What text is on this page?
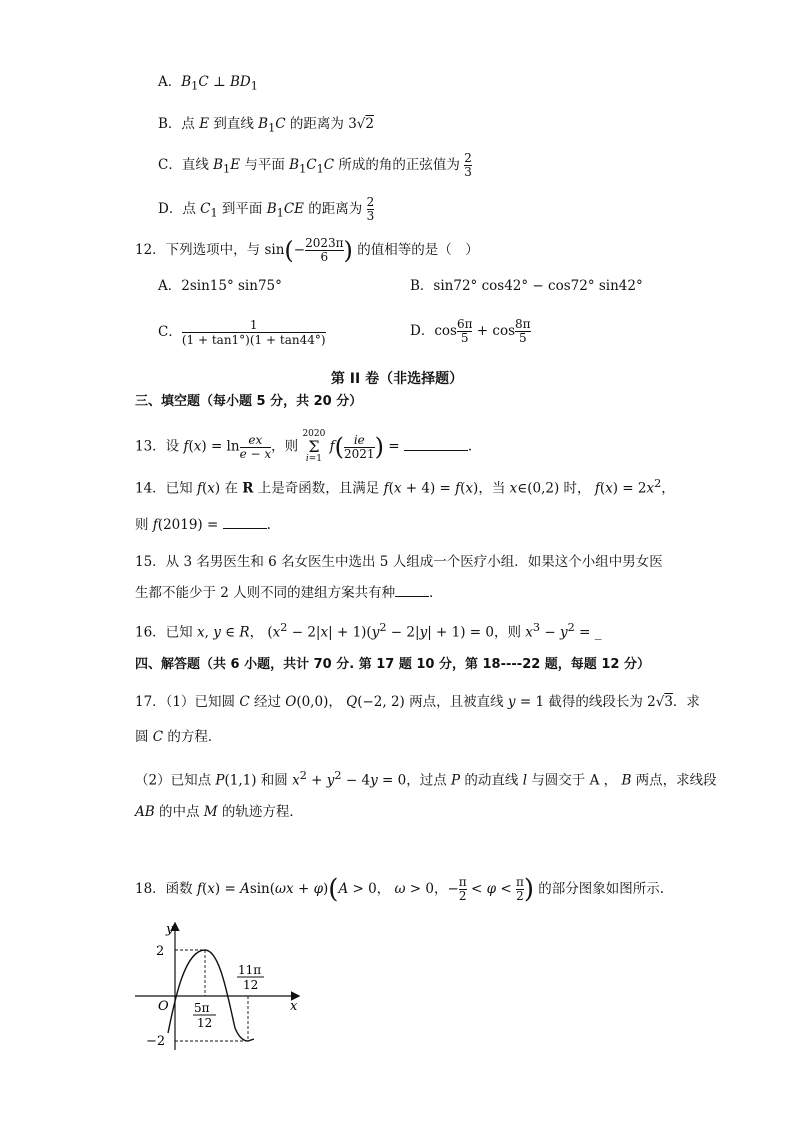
A．$B_1C$ ⊥ $BD_1$
B．点 E 到直线 $B_1C$ 的距离为 3√2
C．直线 $B_1E$ 与平面 $B_1C_1C$ 所成的角的正弦值为 $\frac{2}{3}$
D．点 $C_1$ 到平面 $B_1CE$ 的距离为 $\frac{2}{3}$
12．下列选项中，与 $\sin(- \frac{2023\pi}{6}$ ) 的值相等的是（　）
A．2sin15° sin75°	B．sin72° cos42° − cos72° sin42°
C． $\frac{1}{(1 + \tan 1^\circ)(1 + \tan 44^\circ)}$	D．$\cos \frac{6\pi}{5} + \cos \frac{8\pi}{5}$
第 II 卷（非选择题）
三、填空题（每小题 5 分，共 20 分）
13．设 $f(x) = \ln \frac{ex}{e - x}$ ，则
2020
Σ
i=1
$f( \frac{ie}{2021}$ ) =	.
14．已知 f(x) 在 R 上是奇函数，且满足 f(x + 4) = f(x)，当 x∈(0,2) 时， $f(x) = 2x^2$，
则 f(2019) =	.
15．从 3 名男医生和 6 名女医生中选出 5 人组成一个医疗小组．如果这个小组中男女医
生都不能少于 2 人则不同的建组方案共有种	．
16．已知 x, y ∈ R， $(x^2 - 2|x| + 1)(y^2 - 2|y| + 1) = 0$，则 $x^3 - y^2$ = _
四、解答题（共 6 小题，共计 70 分. 第 17 题 10 分，第 18----22 题，每题 12 分）
17．（1）已知圆 C 经过 O(0,0)， Q(−2, 2) 两点，且被直线 y = 1 截得的线段长为 2√3．求
圆 C 的方程．
（2）已知点 P(1,1) 和圆 $x^2 + y^2 - 4y = 0$，过点 P 的动直线 l 与圆交于 A ， B 两点，求线段
AB 的中点 M 的轨迹方程．
18．函数 f(x) = Asin(ωx + φ)(A > 0， ω > 0，− $\frac{\pi}{2} < \varphi < \frac{\pi}{2}$ ) 的部分图象如图所示.
y
x
O
2
−2
5π
12
11π
12
